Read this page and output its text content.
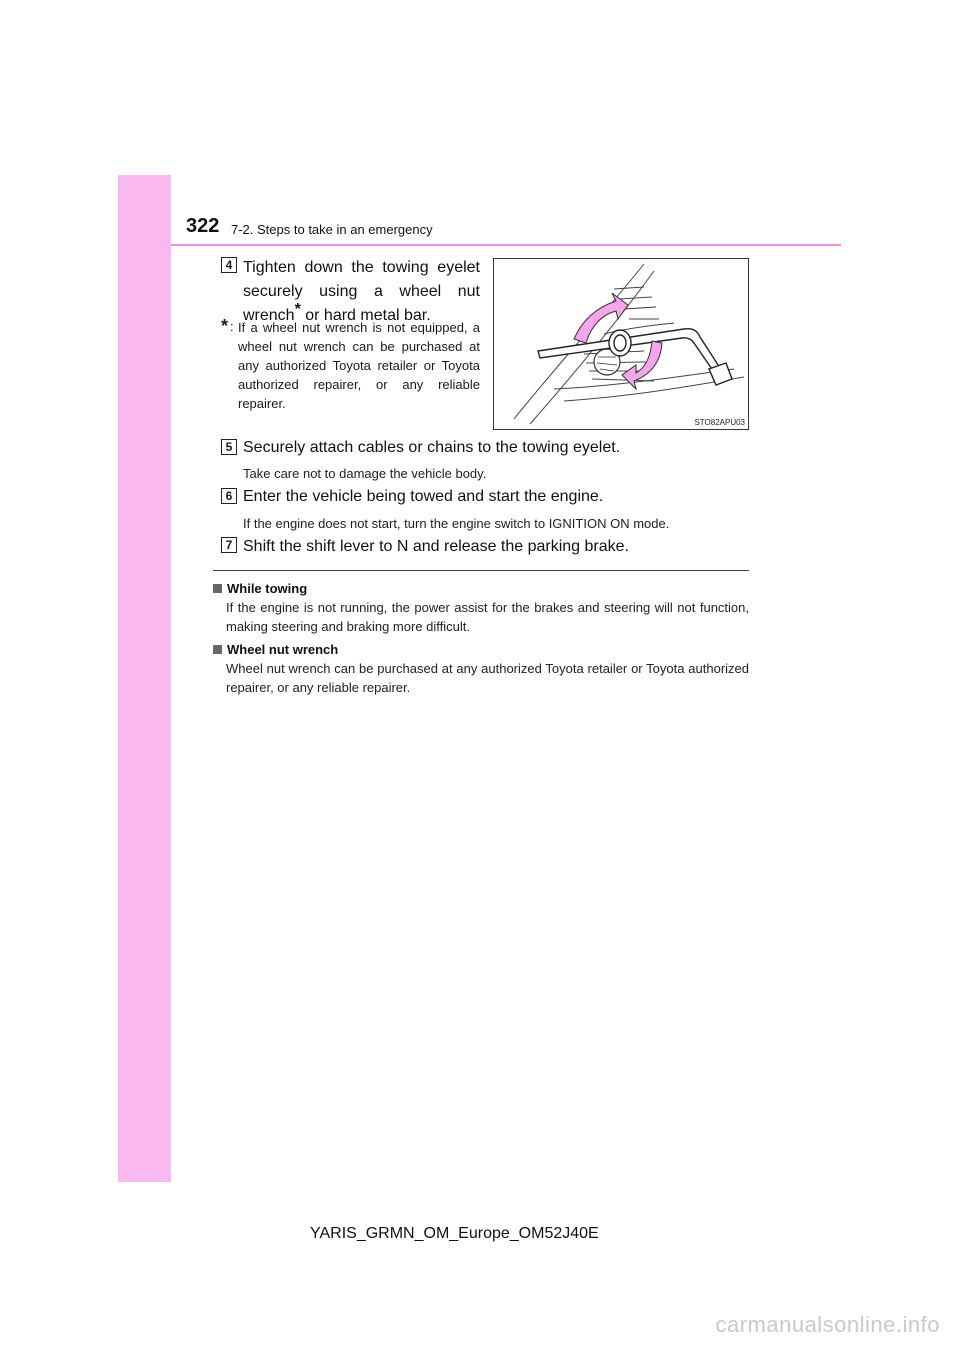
322 7-2. Steps to take in an emergency
4 Tighten down the towing eyelet securely using a wheel nut wrench* or hard metal bar.
* : If a wheel nut wrench is not equipped, a wheel nut wrench can be purchased at any authorized Toyota retailer or Toyota authorized repairer, or any reliable repairer.
STO82APU03
5 Securely attach cables or chains to the towing eyelet.
Take care not to damage the vehicle body.
6 Enter the vehicle being towed and start the engine.
If the engine does not start, turn the engine switch to IGNITION ON mode.
7 Shift the shift lever to N and release the parking brake.
While towing
If the engine is not running, the power assist for the brakes and steering will not function, making steering and braking more difficult.
Wheel nut wrench
Wheel nut wrench can be purchased at any authorized Toyota retailer or Toyota authorized repairer, or any reliable repairer.
YARIS_GRMN_OM_Europe_OM52J40E
carmanualsonline.info
